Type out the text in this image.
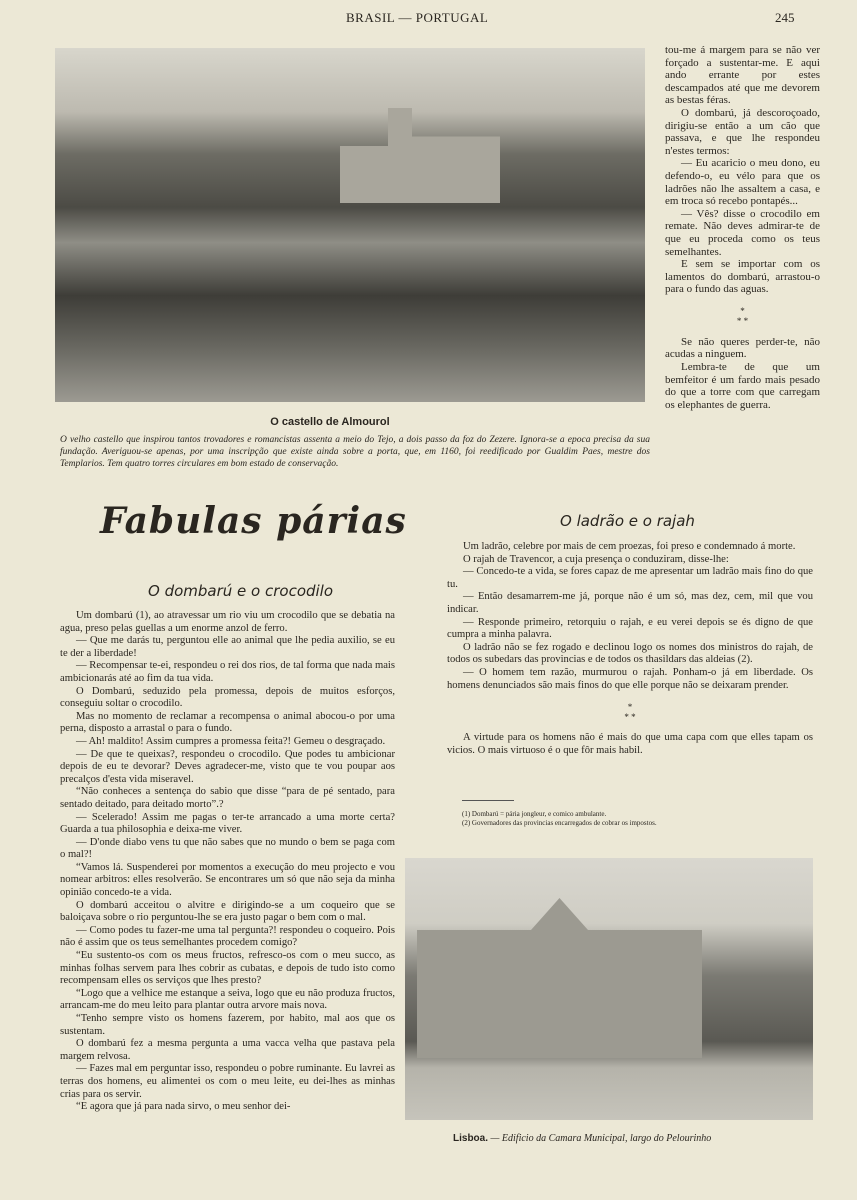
BRASIL — PORTUGAL	245
O castello de Almourol
O velho castello que inspirou tantos trovadores e romancistas assenta a meio do Tejo, a dois passo da foz do Zezere. Ignora-se a epoca precisa da sua fundação. Averiguou-se apenas, por uma inscripção que existe ainda sobre a porta, que, em 1160, foi reedificado por Gualdim Paes, mestre dos Templarios. Tem quatro torres circulares em bom estado de conservação.

tou-me á margem para se não ver forçado a sustentar-me. E aqui ando errante por estes descampados até que me devorem as bestas féras.

O dombarú, já descoroçoado, dirigiu-se então a um cão que passava, e que lhe respondeu n'estes termos:

— Eu acaricio o meu dono, eu defendo-o, eu vélo para que os ladrões não lhe assaltem a casa, e em troca só recebo pontapés...

— Vês? disse o crocodilo em remate. Não deves admirar-te de que eu proceda como os teus semelhantes.

E sem se importar com os lamentos do dombarú, arrastou-o para o fundo das aguas.

*
* *

Se não queres perder-te, não acudas a ninguem.

Lembra-te de que um bemfeitor é um fardo mais pesado do que a torre com que carregam os elephantes de guerra.

Fabulas párias
O dombarú e o crocodilo

Um dombarú (1), ao atravessar um rio viu um crocodilo que se debatia na agua, preso pelas guellas a um enorme anzol de ferro.

— Que me darás tu, perguntou elle ao animal que lhe pedia auxilio, se eu te der a liberdade!

— Recompensar te-ei, respondeu o rei dos rios, de tal forma que nada mais ambicionarás até ao fim da tua vida.

O Dombarú, seduzido pela promessa, depois de muitos esforços, conseguiu soltar o crocodilo.

Mas no momento de reclamar a recompensa o animal abocou-o por uma perna, disposto a arrastal o para o fundo.

— Ah! maldito! Assim cumpres a promessa feita?! Gemeu o desgraçado.

— De que te queixas?, respondeu o crocodilo. Que podes tu ambicionar depois de eu te devorar? Deves agradecer-me, visto que te vou poupar aos precalços d'esta vida miseravel.

“Não conheces a sentença do sabio que disse “para de pé sentado, para sentado deitado, para deitado morto”.?

— Scelerado! Assim me pagas o ter-te arrancado a uma morte certa? Guarda a tua philosophia e deixa-me viver.

— D'onde diabo vens tu que não sabes que no mundo o bem se paga com o mal?!

“Vamos lá. Suspenderei por momentos a execução do meu projecto e vou nomear arbitros: elles resolverão. Se encontrares um só que não seja da minha opinião concedo-te a vida.

O dombarú acceitou o alvitre e dirigindo-se a um coqueiro que se baloiçava sobre o rio perguntou-lhe se era justo pagar o bem com o mal.

— Como podes tu fazer-me uma tal pergunta?! respondeu o coqueiro. Pois não é assim que os teus semelhantes procedem comigo?

“Eu sustento-os com os meus fructos, refresco-os com o meu succo, as minhas folhas servem para lhes cobrir as cubatas, e depois de tudo isto como recompensam elles os serviços que lhes presto?

“Logo que a velhice me estanque a seiva, logo que eu não produza fructos, arrancam-me do meu leito para plantar outra arvore mais nova.

“Tenho sempre visto os homens fazerem, por habito, mal aos que os sustentam.

O dombarú fez a mesma pergunta a uma vacca velha que pastava pela margem relvosa.

— Fazes mal em perguntar isso, respondeu o pobre ruminante. Eu lavrei as terras dos homens, eu alimentei os com o meu leite, eu dei-lhes as minhas crias para os servir.

“E agora que já para nada sirvo, o meu senhor dei-

O ladrão e o rajah

Um ladrão, celebre por mais de cem proezas, foi preso e condemnado á morte.

O rajah de Travencor, a cuja presença o conduziram, disse-lhe:

— Concedo-te a vida, se fores capaz de me apresentar um ladrão mais fino do que tu.

— Então desamarrem-me já, porque não é um só, mas dez, cem, mil que vou indicar.

— Responde primeiro, retorquiu o rajah, e eu verei depois se és digno de que cumpra a minha palavra.

O ladrão não se fez rogado e declinou logo os nomes dos ministros do rajah, de todos os subedars das provincias e de todos os thasildars das aldeias (2).

— O homem tem razão, murmurou o rajah. Ponham-o já em liberdade. Os homens denunciados são mais finos do que elle porque não se deixaram prender.

*
* *

A virtude para os homens não é mais do que uma capa com que elles tapam os vicios. O mais virtuoso é o que fôr mais habil.

(1) Dombarú = pária jongleur, e comico ambulante.
(2) Governadores das provincias encarregados de cobrar os impostos.
Lisboa. — Edificio da Camara Municipal, largo do Pelourinho
